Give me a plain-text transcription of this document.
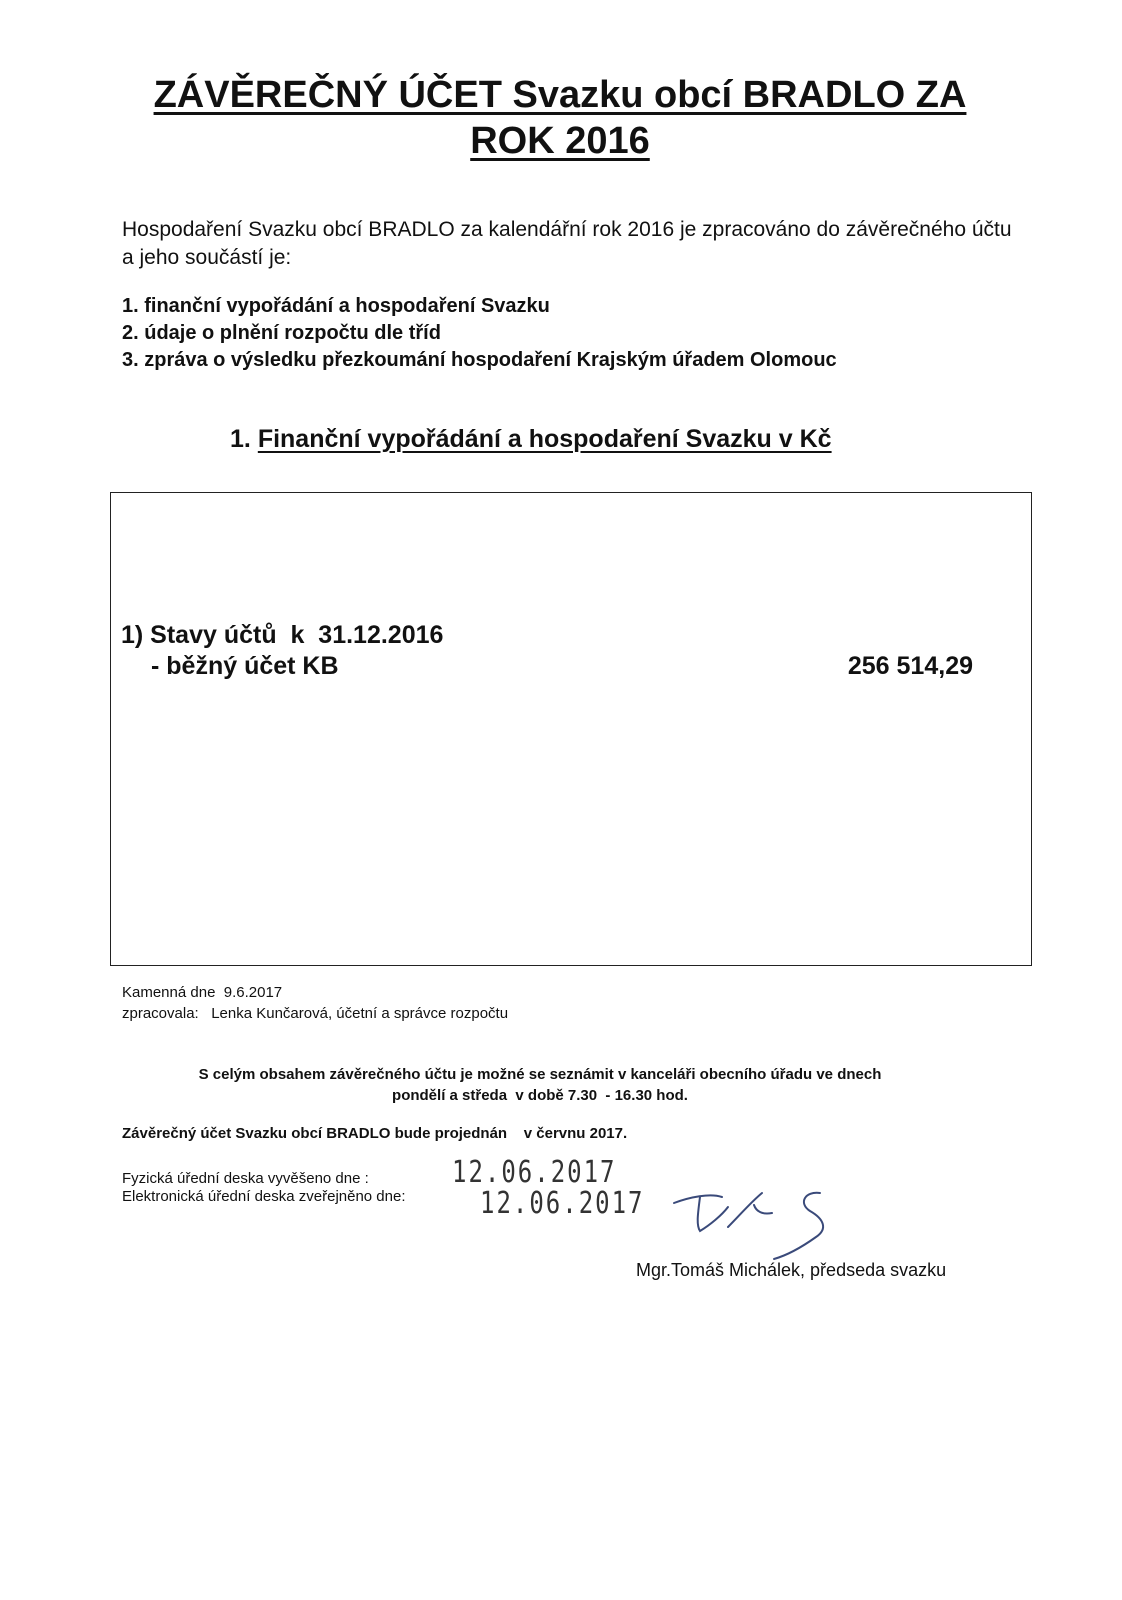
ZÁVĚREČNÝ ÚČET Svazku obcí BRADLO ZA
ROK 2016
Hospodaření Svazku obcí BRADLO za kalendářní rok 2016 je zpracováno do závěrečného účtu a jeho součástí je:
1. finanční vypořádání a hospodaření Svazku
2. údaje o plnění rozpočtu dle tříd
3. zpráva o výsledku přezkoumání hospodaření Krajským úřadem Olomouc
1. Finanční vypořádání a hospodaření Svazku v Kč
1) Stavy účtů  k  31.12.2016
- běžný účet KB	256 514,29
Kamenná dne  9.6.2017
zpracovala:   Lenka Kunčarová, účetní a správce rozpočtu
S celým obsahem závěrečného účtu je možné se seznámit v kanceláři obecního úřadu ve dnech
pondělí a středa  v době 7.30  - 16.30 hod.
Závěrečný účet Svazku obcí BRADLO bude projednán    v červnu 2017.
Fyzická úřední deska vyvěšeno dne :
Elektronická úřední deska zveřejněno dne:
12.06.2017
12.06.2017
Mgr.Tomáš Michálek, předseda svazku
